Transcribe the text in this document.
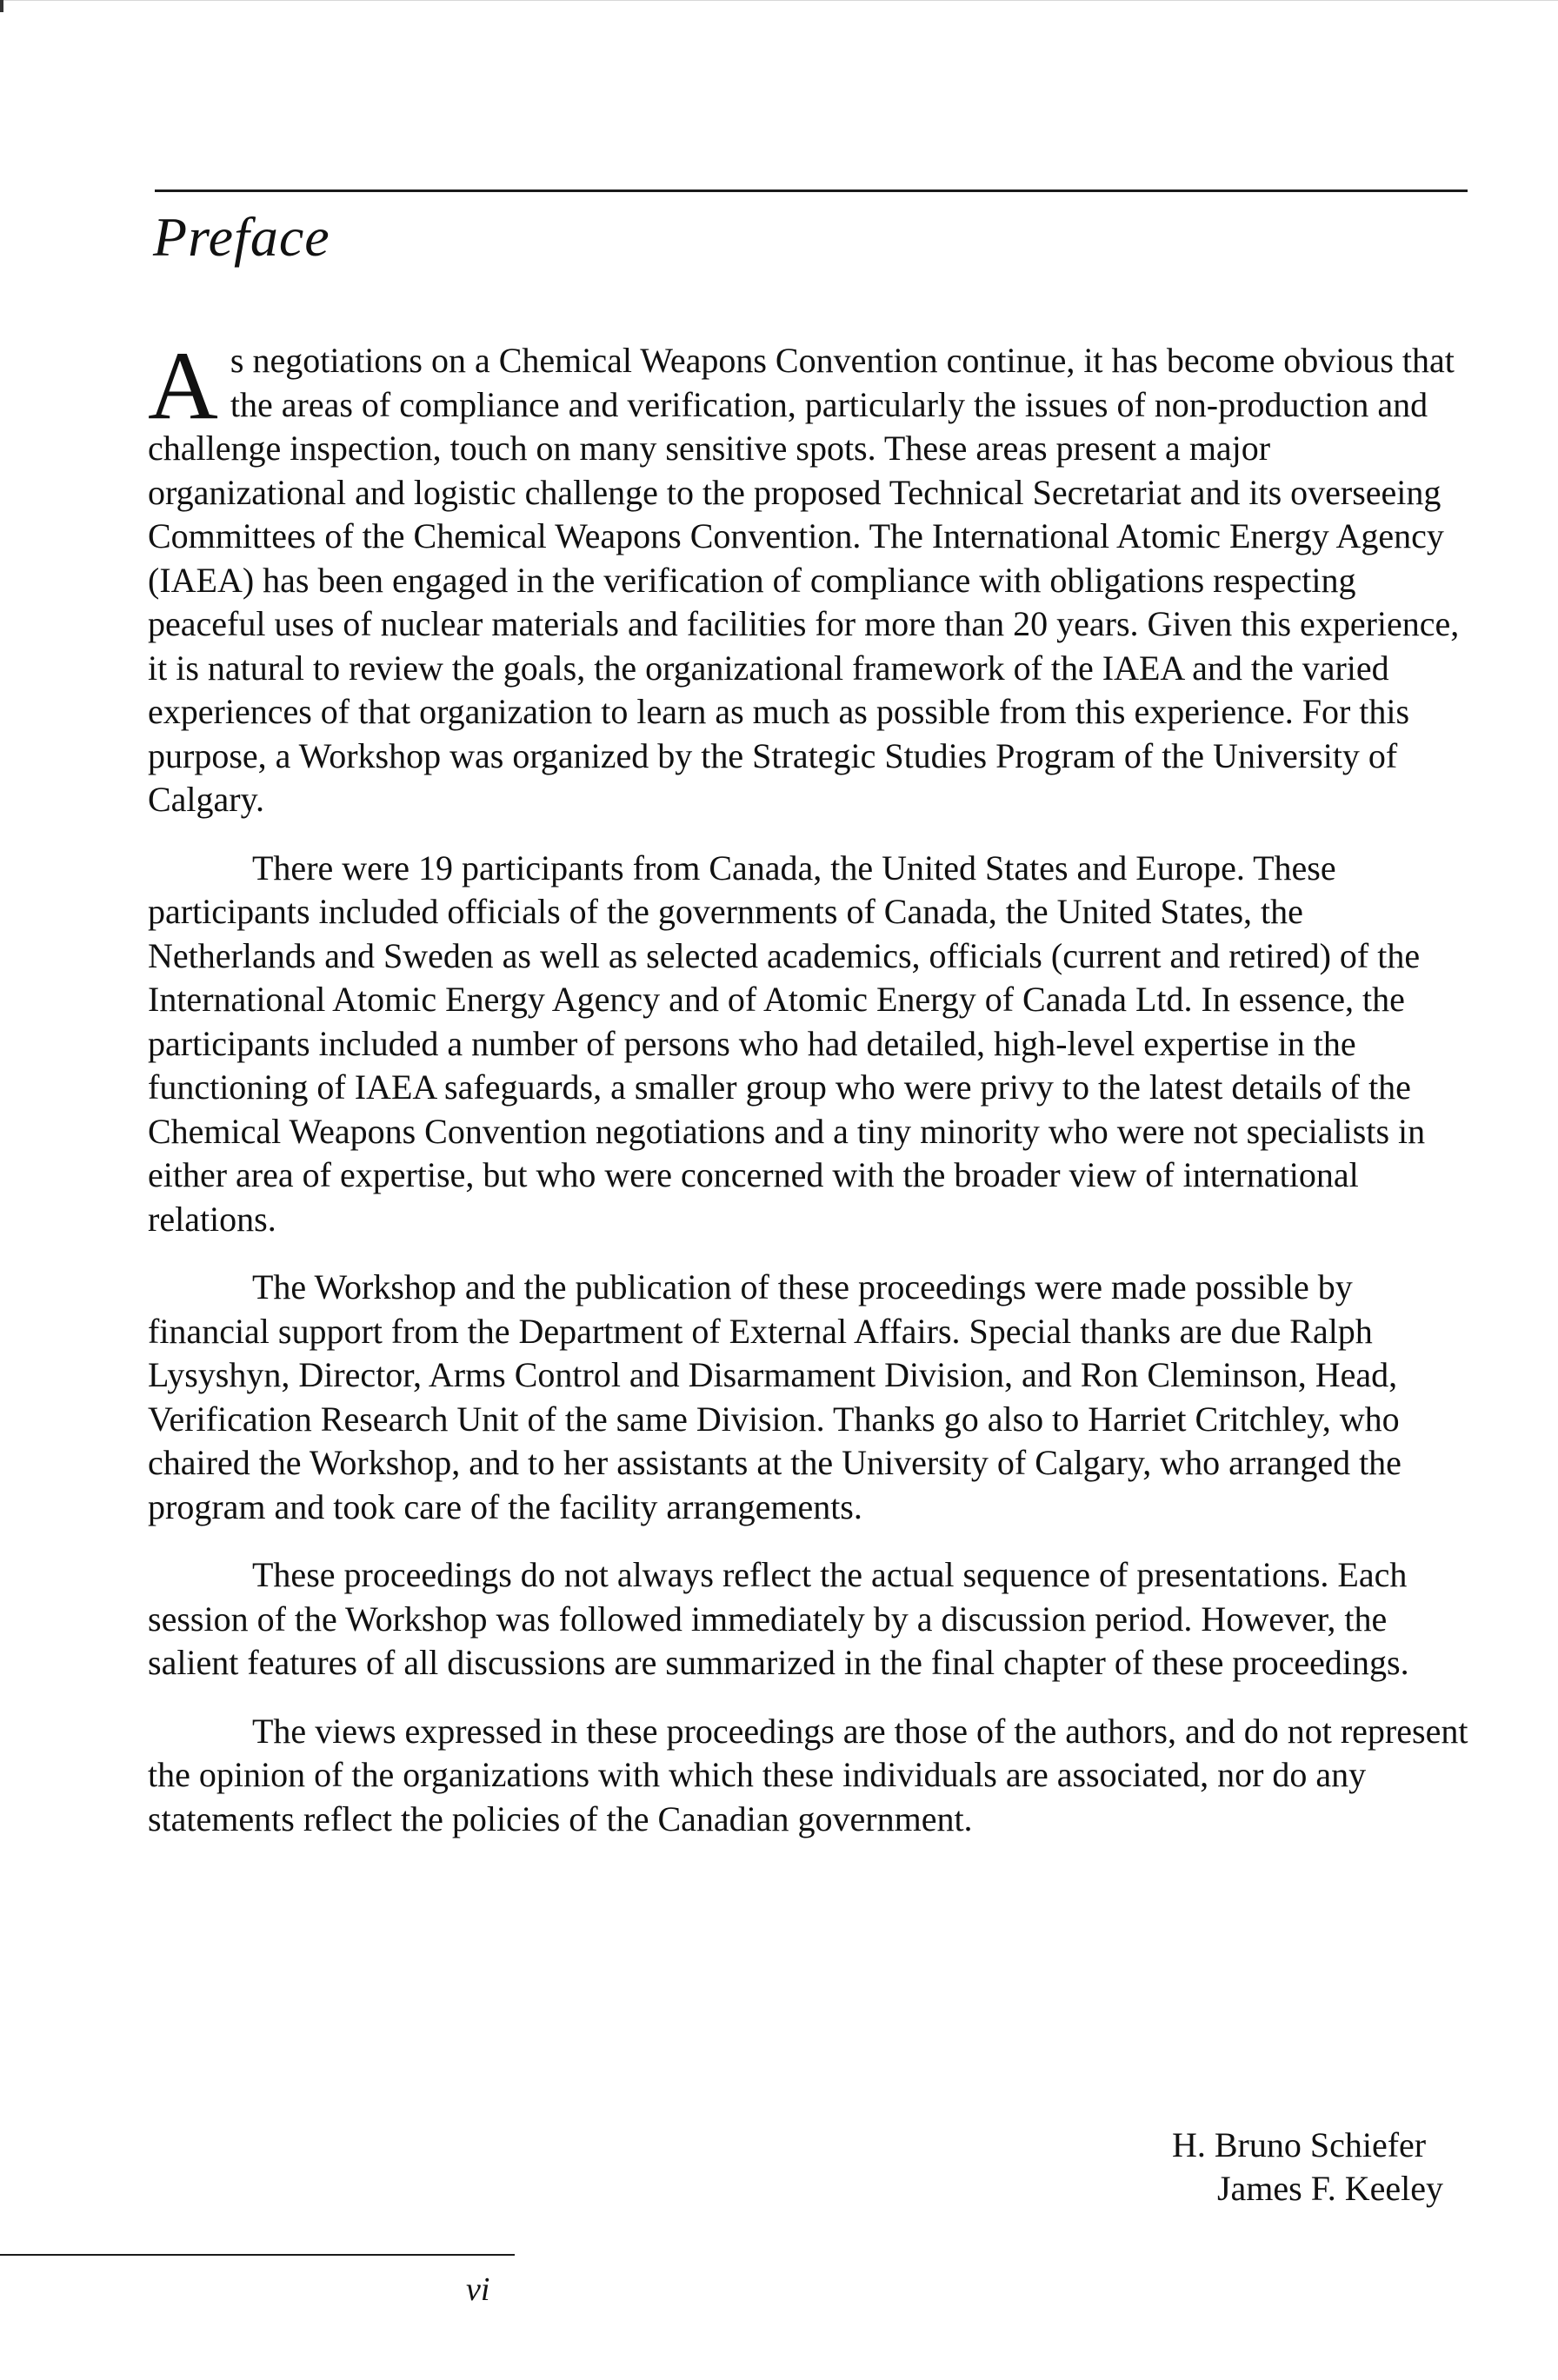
Preface

As negotiations on a Chemical Weapons Convention continue, it has become obvious that the areas of compliance and verification, particularly the issues of non-production and challenge inspection, touch on many sensitive spots. These areas present a major organizational and logistic challenge to the proposed Technical Secretariat and its overseeing Committees of the Chemical Weapons Convention. The International Atomic Energy Agency (IAEA) has been engaged in the verification of compliance with obligations respecting peaceful uses of nuclear materials and facilities for more than 20 years. Given this experience, it is natural to review the goals, the organizational framework of the IAEA and the varied experiences of that organization to learn as much as possible from this experience. For this purpose, a Workshop was organized by the Strategic Studies Program of the University of Calgary.

There were 19 participants from Canada, the United States and Europe. These participants included officials of the governments of Canada, the United States, the Netherlands and Sweden as well as selected academics, officials (current and retired) of the International Atomic Energy Agency and of Atomic Energy of Canada Ltd. In essence, the participants included a number of persons who had detailed, high-level expertise in the functioning of IAEA safeguards, a smaller group who were privy to the latest details of the Chemical Weapons Convention negotiations and a tiny minority who were not specialists in either area of expertise, but who were concerned with the broader view of international relations.

The Workshop and the publication of these proceedings were made possible by financial support from the Department of External Affairs. Special thanks are due Ralph Lysyshyn, Director, Arms Control and Disarmament Division, and Ron Cleminson, Head, Verification Research Unit of the same Division. Thanks go also to Harriet Critchley, who chaired the Workshop, and to her assistants at the University of Calgary, who arranged the program and took care of the facility arrangements.

These proceedings do not always reflect the actual sequence of presentations. Each session of the Workshop was followed immediately by a discussion period. However, the salient features of all discussions are summarized in the final chapter of these proceedings.

The views expressed in these proceedings are those of the authors, and do not represent the opinion of the organizations with which these individuals are associated, nor do any statements reflect the policies of the Canadian government.

H. Bruno Schiefer
James F. Keeley
vi
